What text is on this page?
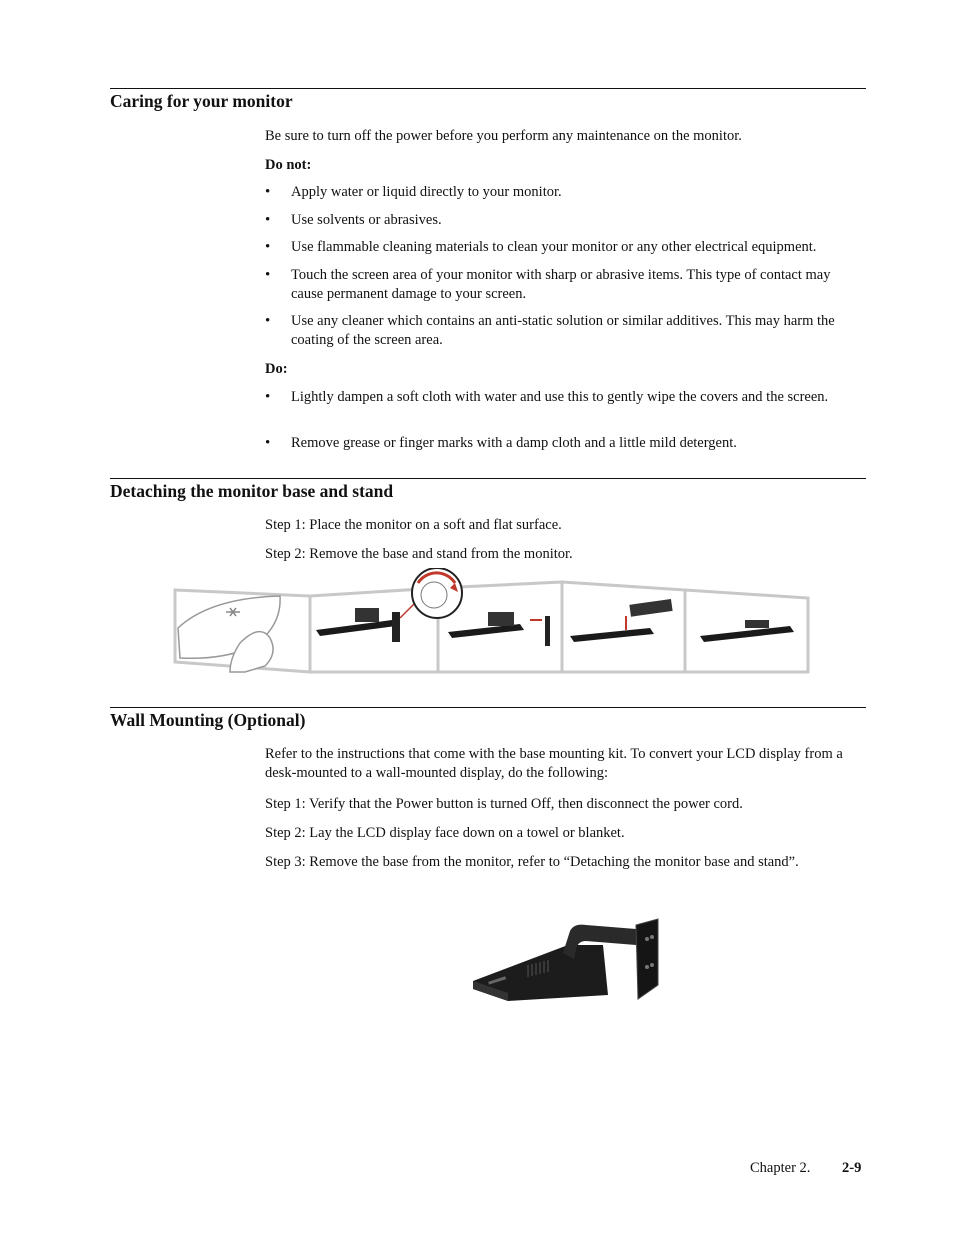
Caring for your monitor

Be sure to turn off the power before you perform any maintenance on the monitor.

Do not:

• Apply water or liquid directly to your monitor.
• Use solvents or abrasives.
• Use flammable cleaning materials to clean your monitor or any other electrical equipment.
• Touch the screen area of your monitor with sharp or abrasive items. This type of contact may cause permanent damage to your screen.
• Use any cleaner which contains an anti-static solution or similar additives. This may harm the coating of the screen area.

Do:

• Lightly dampen a soft cloth with water and use this to gently wipe the covers and the screen.
• Remove grease or finger marks with a damp cloth and a little mild detergent.
Detaching the monitor base and stand

Step 1: Place the monitor on a soft and flat surface.

Step 2: Remove the base and stand from the monitor.

Wall Mounting (Optional)

Refer to the instructions that come with the base mounting kit. To convert your LCD display from a desk-mounted to a wall-mounted display, do the following:

Step 1: Verify that the Power button is turned Off, then disconnect the power cord.

Step 2: Lay the LCD display face down on a towel or blanket.

Step 3: Remove the base from the monitor, refer to “Detaching the monitor base and stand”.

Chapter 2. 2-9
